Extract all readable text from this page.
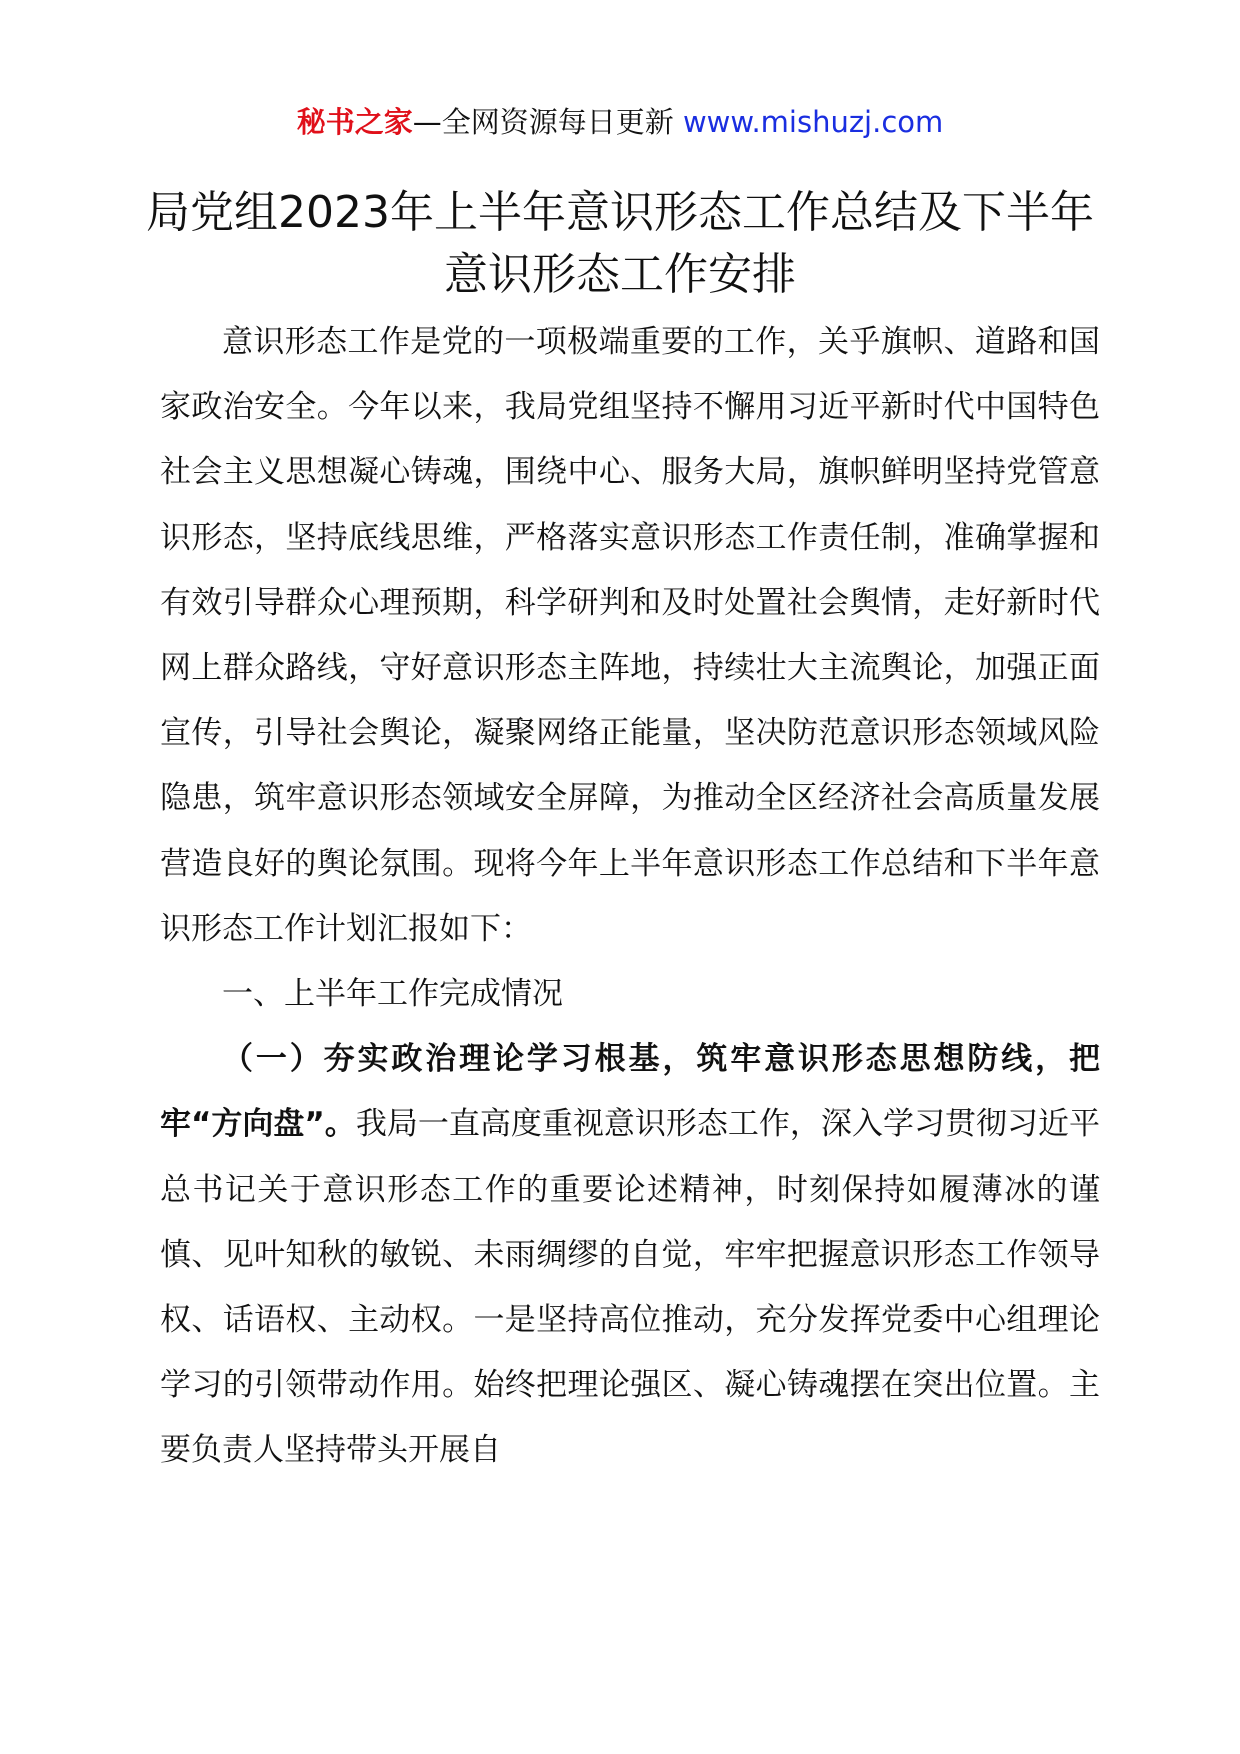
秘书之家—全网资源每日更新 www.mishuzj.com
局党组2023年上半年意识形态工作总结及下半年意识形态工作安排

意识形态工作是党的一项极端重要的工作，关乎旗帜、道路和国家政治安全。今年以来，我局党组坚持不懈用习近平新时代中国特色社会主义思想凝心铸魂，围绕中心、服务大局，旗帜鲜明坚持党管意识形态，坚持底线思维，严格落实意识形态工作责任制，准确掌握和有效引导群众心理预期，科学研判和及时处置社会舆情，走好新时代网上群众路线，守好意识形态主阵地，持续壮大主流舆论，加强正面宣传，引导社会舆论，凝聚网络正能量，坚决防范意识形态领域风险隐患，筑牢意识形态领域安全屏障，为推动全区经济社会高质量发展营造良好的舆论氛围。现将今年上半年意识形态工作总结和下半年意识形态工作计划汇报如下：

一、上半年工作完成情况

（一）夯实政治理论学习根基，筑牢意识形态思想防线，把牢“方向盘”。我局一直高度重视意识形态工作，深入学习贯彻习近平总书记关于意识形态工作的重要论述精神，时刻保持如履薄冰的谨慎、见叶知秋的敏锐、未雨绸缪的自觉，牢牢把握意识形态工作领导权、话语权、主动权。一是坚持高位推动，充分发挥党委中心组理论学习的引领带动作用。始终把理论强区、凝心铸魂摆在突出位置。主要负责人坚持带头开展自
